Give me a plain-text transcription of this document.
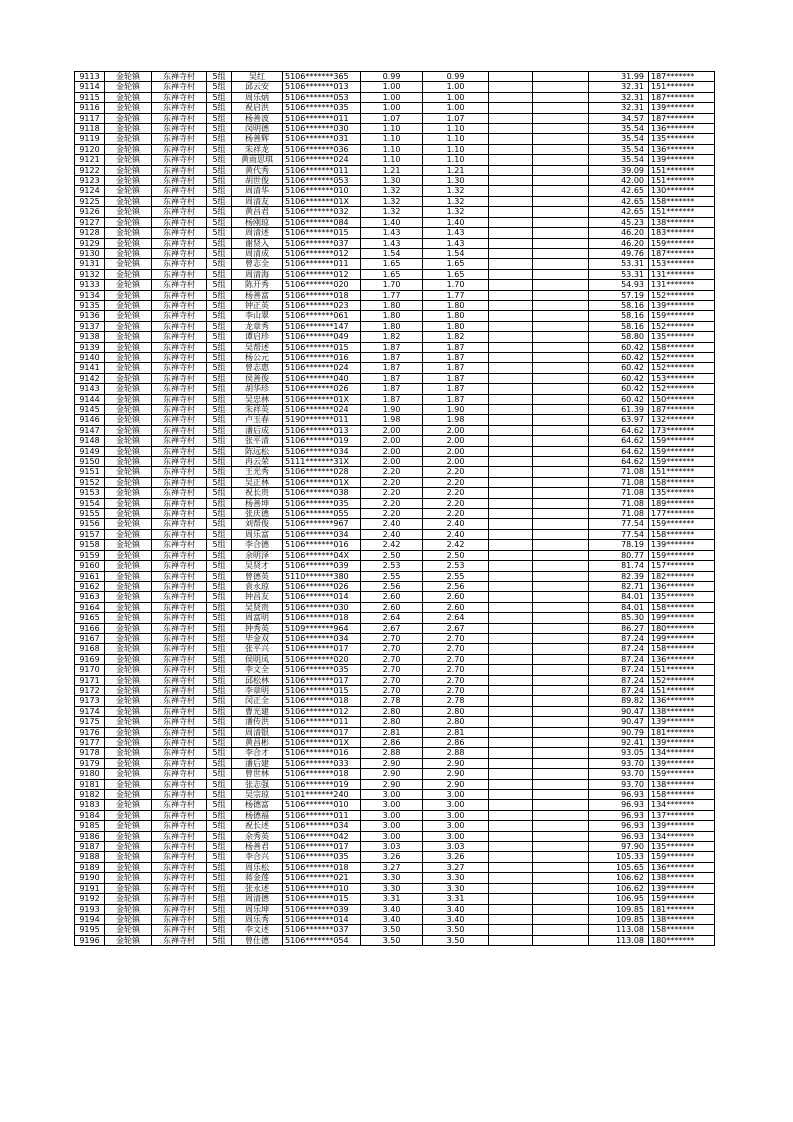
9113	金轮镇	东禅寺村	5组	吴红	5106*******365	0.99	0.99			31.99	187*******
9114	金轮镇	东禅寺村	5组	邱云安	5106*******013	1.00	1.00			32.31	151*******
9115	金轮镇	东禅寺村	5组	周乐炳	5106*******053	1.00	1.00			32.31	187*******
9116	金轮镇	东禅寺村	5组	祝启洪	5106*******035	1.00	1.00			32.31	139*******
9117	金轮镇	东禅寺村	5组	杨善波	5106*******011	1.07	1.07			34.57	187*******
9118	金轮镇	东禅寺村	5组	闵明德	5106*******030	1.10	1.10			35.54	136*******
9119	金轮镇	东禅寺村	5组	杨善辉	5106*******031	1.10	1.10			35.54	135*******
9120	金轮镇	东禅寺村	5组	朱祥龙	5106*******036	1.10	1.10			35.54	136*******
9121	金轮镇	东禅寺村	5组	黄雨思琪	5106*******024	1.10	1.10			35.54	139*******
9122	金轮镇	东禅寺村	5组	黄代秀	5106*******011	1.21	1.21			39.09	151*******
9123	金轮镇	东禅寺村	5组	胡世俊	5106*******053	1.30	1.30			42.00	151*******
9124	金轮镇	东禅寺村	5组	周清华	5106*******010	1.32	1.32			42.65	130*******
9125	金轮镇	东禅寺村	5组	周清友	5106*******01X	1.32	1.32			42.65	158*******
9126	金轮镇	东禅寺村	5组	黄昌君	5106*******032	1.32	1.32			42.65	151*******
9127	金轮镇	东禅寺村	5组	杨刚琼	5106*******084	1.40	1.40			45.23	138*******
9128	金轮镇	东禅寺村	5组	周清述	5106*******015	1.43	1.43			46.20	183*******
9129	金轮镇	东禅寺村	5组	谢贤入	5106*******037	1.43	1.43			46.20	159*******
9130	金轮镇	东禅寺村	5组	周清成	5106*******012	1.54	1.54			49.76	187*******
9131	金轮镇	东禅寺村	5组	曾志全	5106*******011	1.65	1.65			53.31	153*******
9132	金轮镇	东禅寺村	5组	周清海	5106*******012	1.65	1.65			53.31	131*******
9133	金轮镇	东禅寺村	5组	陈开秀	5106*******020	1.70	1.70			54.93	131*******
9134	金轮镇	东禅寺村	5组	杨善富	5106*******018	1.77	1.77			57.19	152*******
9135	金轮镇	东禅寺村	5组	钟正英	5106*******023	1.80	1.80			58.16	139*******
9136	金轮镇	东禅寺村	5组	李山翠	5106*******061	1.80	1.80			58.16	159*******
9137	金轮镇	东禅寺村	5组	龙章秀	5106*******147	1.80	1.80			58.16	152*******
9138	金轮镇	东禅寺村	5组	谭启珍	5106*******049	1.82	1.82			58.80	135*******
9139	金轮镇	东禅寺村	5组	吴帮述	5106*******015	1.87	1.87			60.42	158*******
9140	金轮镇	东禅寺村	5组	杨公元	5106*******016	1.87	1.87			60.42	152*******
9141	金轮镇	东禅寺村	5组	曾志惠	5106*******024	1.87	1.87			60.42	152*******
9142	金轮镇	东禅寺村	5组	侯善俊	5106*******040	1.87	1.87			60.42	153*******
9143	金轮镇	东禅寺村	5组	胡华珍	5106*******026	1.87	1.87			60.42	152*******
9144	金轮镇	东禅寺村	5组	吴忠林	5106*******01X	1.87	1.87			60.42	150*******
9145	金轮镇	东禅寺村	5组	朱祥英	5106*******024	1.90	1.90			61.39	187*******
9146	金轮镇	东禅寺村	5组	卢玉春	5190*******011	1.98	1.98			63.97	132*******
9147	金轮镇	东禅寺村	5组	潘后成	5106*******013	2.00	2.00			64.62	173*******
9148	金轮镇	东禅寺村	5组	张平清	5106*******019	2.00	2.00			64.62	159*******
9149	金轮镇	东禅寺村	5组	陈远松	5106*******034	2.00	2.00			64.62	159*******
9150	金轮镇	东禅寺村	5组	冉云荣	5111*******31X	2.00	2.00			64.62	159*******
9151	金轮镇	东禅寺村	5组	王光秀	5106*******028	2.20	2.20			71.08	151*******
9152	金轮镇	东禅寺村	5组	吴正林	5106*******01X	2.20	2.20			71.08	158*******
9153	金轮镇	东禅寺村	5组	祝长贵	5106*******038	2.20	2.20			71.08	135*******
9154	金轮镇	东禅寺村	5组	杨善坤	5106*******035	2.20	2.20			71.08	189*******
9155	金轮镇	东禅寺村	5组	张庆德	5106*******055	2.20	2.20			71.08	177*******
9156	金轮镇	东禅寺村	5组	刘帮俊	5106*******967	2.40	2.40			77.54	159*******
9157	金轮镇	东禅寺村	5组	周乐富	5106*******034	2.40	2.40			77.54	158*******
9158	金轮镇	东禅寺村	5组	李合德	5106*******016	2.42	2.42			78.19	139*******
9159	金轮镇	东禅寺村	5组	余明泽	5106*******04X	2.50	2.50			80.77	159*******
9160	金轮镇	东禅寺村	5组	吴贤才	5106*******039	2.53	2.53			81.74	157*******
9161	金轮镇	东禅寺村	5组	曾德英	5110*******380	2.55	2.55			82.39	182*******
9162	金轮镇	东禅寺村	5组	袁永琼	5106*******026	2.56	2.56			82.71	136*******
9163	金轮镇	东禅寺村	5组	钟昌友	5106*******014	2.60	2.60			84.01	135*******
9164	金轮镇	东禅寺村	5组	吴贤贵	5106*******030	2.60	2.60			84.01	158*******
9165	金轮镇	东禅寺村	5组	周富明	5106*******018	2.64	2.64			85.30	199*******
9166	金轮镇	东禅寺村	5组	钟秀英	5109*******964	2.67	2.67			86.27	180*******
9167	金轮镇	东禅寺村	5组	毕金双	5106*******034	2.70	2.70			87.24	199*******
9168	金轮镇	东禅寺村	5组	张平兴	5106*******017	2.70	2.70			87.24	158*******
9169	金轮镇	东禅寺村	5组	侯明凤	5106*******020	2.70	2.70			87.24	136*******
9170	金轮镇	东禅寺村	5组	李文全	5106*******035	2.70	2.70			87.24	151*******
9171	金轮镇	东禅寺村	5组	邱松林	5106*******017	2.70	2.70			87.24	152*******
9172	金轮镇	东禅寺村	5组	李章明	5106*******015	2.70	2.70			87.24	151*******
9173	金轮镇	东禅寺村	5组	闵正全	5106*******018	2.78	2.78			89.82	136*******
9174	金轮镇	东禅寺村	5组	曹光建	5106*******012	2.80	2.80			90.47	138*******
9175	金轮镇	东禅寺村	5组	潘传洪	5106*******011	2.80	2.80			90.47	139*******
9176	金轮镇	东禅寺村	5组	周清银	5106*******017	2.81	2.81			90.79	181*******
9177	金轮镇	东禅寺村	5组	黄昌彬	5106*******01X	2.86	2.86			92.41	139*******
9178	金轮镇	东禅寺村	5组	李合才	5106*******016	2.88	2.88			93.05	134*******
9179	金轮镇	东禅寺村	5组	潘后建	5106*******033	2.90	2.90			93.70	139*******
9180	金轮镇	东禅寺村	5组	曾世林	5106*******018	2.90	2.90			93.70	159*******
9181	金轮镇	东禅寺村	5组	张志强	5106*******019	2.90	2.90			93.70	138*******
9182	金轮镇	东禅寺村	5组	吴宗琼	5101*******240	3.00	3.00			96.93	158*******
9183	金轮镇	东禅寺村	5组	杨德富	5106*******010	3.00	3.00			96.93	134*******
9184	金轮镇	东禅寺村	5组	杨德福	5106*******011	3.00	3.00			96.93	137*******
9185	金轮镇	东禅寺村	5组	祝长述	5106*******034	3.00	3.00			96.93	139*******
9186	金轮镇	东禅寺村	5组	余秀英	5106*******042	3.00	3.00			96.93	134*******
9187	金轮镇	东禅寺村	5组	杨善君	5106*******017	3.03	3.03			97.90	135*******
9188	金轮镇	东禅寺村	5组	李合兴	5106*******035	3.26	3.26			105.33	159*******
9189	金轮镇	东禅寺村	5组	周乐松	5106*******018	3.27	3.27			105.65	136*******
9190	金轮镇	东禅寺村	5组	蒋金莲	5106*******021	3.30	3.30			106.62	138*******
9191	金轮镇	东禅寺村	5组	张永述	5106*******010	3.30	3.30			106.62	139*******
9192	金轮镇	东禅寺村	5组	周清德	5106*******015	3.31	3.31			106.95	159*******
9193	金轮镇	东禅寺村	5组	周乐坤	5106*******039	3.40	3.40			109.85	181*******
9194	金轮镇	东禅寺村	5组	周乐秀	5106*******014	3.40	3.40			109.85	138*******
9195	金轮镇	东禅寺村	5组	李文述	5106*******037	3.50	3.50			113.08	158*******
9196	金轮镇	东禅寺村	5组	曾仕德	5106*******054	3.50	3.50			113.08	180*******
